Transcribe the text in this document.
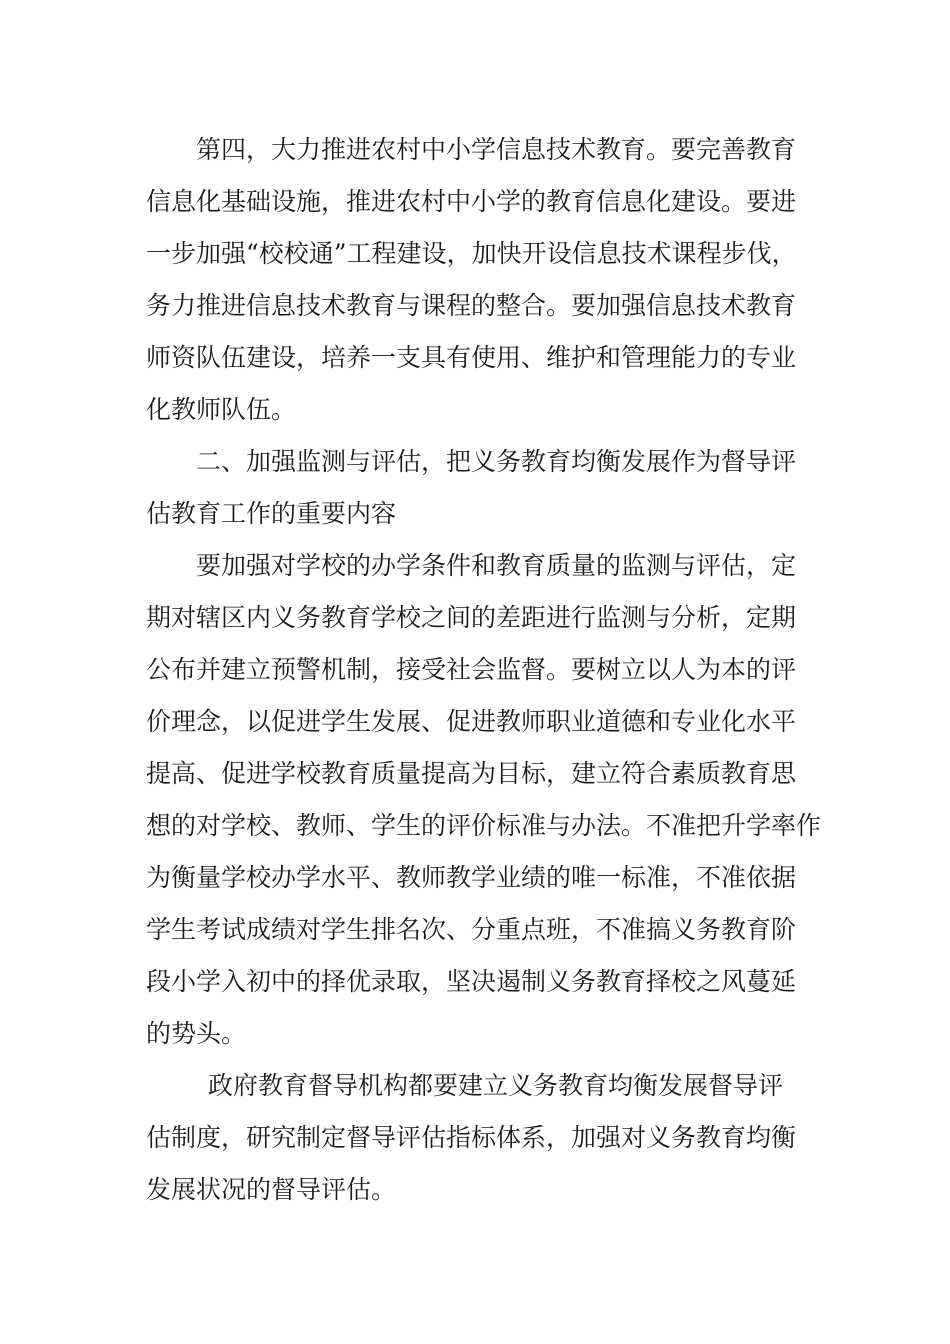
第四，大力推进农村中小学信息技术教育。要完善教育
信息化基础设施，推进农村中小学的教育信息化建设。要进
一步加强“校校通”工程建设，加快开设信息技术课程步伐，
务力推进信息技术教育与课程的整合。要加强信息技术教育
师资队伍建设，培养一支具有使用、维护和管理能力的专业
化教师队伍。
二、加强监测与评估，把义务教育均衡发展作为督导评
估教育工作的重要内容
要加强对学校的办学条件和教育质量的监测与评估，定
期对辖区内义务教育学校之间的差距进行监测与分析，定期
公布并建立预警机制，接受社会监督。要树立以人为本的评
价理念，以促进学生发展、促进教师职业道德和专业化水平
提高、促进学校教育质量提高为目标，建立符合素质教育思
想的对学校、教师、学生的评价标准与办法。不准把升学率作
为衡量学校办学水平、教师教学业绩的唯一标准，不准依据
学生考试成绩对学生排名次、分重点班，不准搞义务教育阶
段小学入初中的择优录取，坚决遏制义务教育择校之风蔓延
的势头。
政府教育督导机构都要建立义务教育均衡发展督导评
估制度，研究制定督导评估指标体系，加强对义务教育均衡
发展状况的督导评估。
